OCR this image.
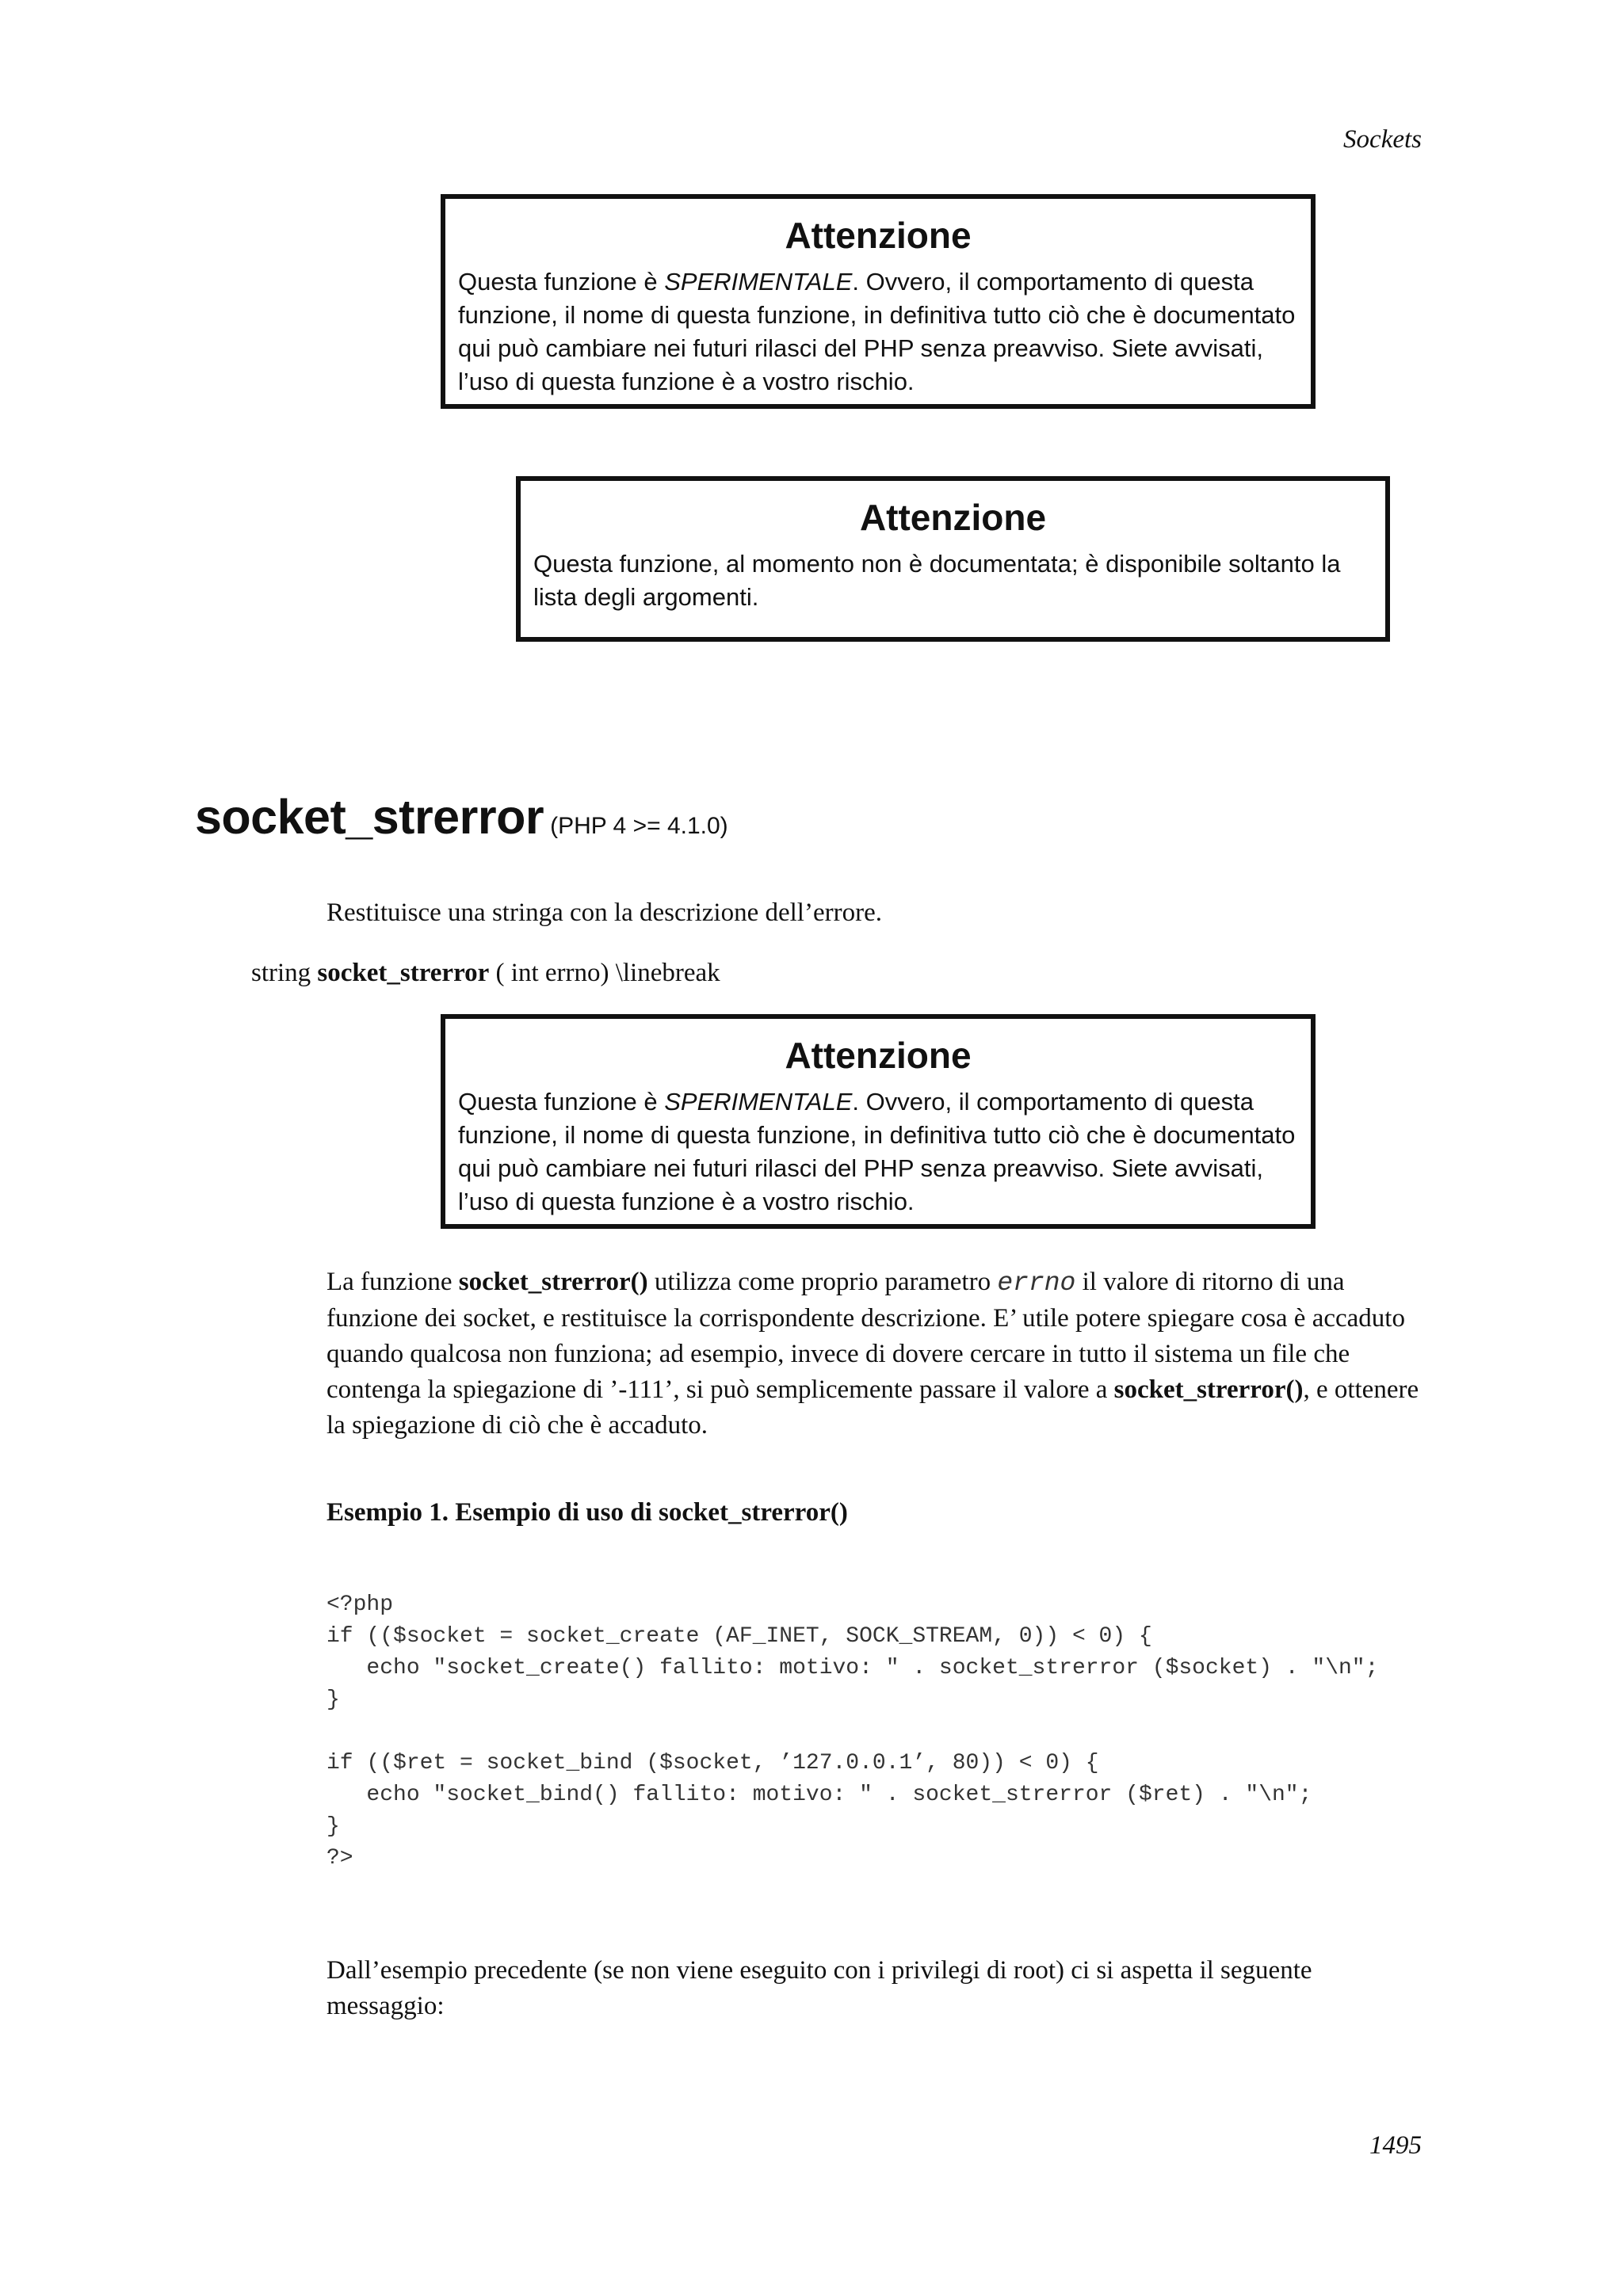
Sockets
Attenzione
Questa funzione è SPERIMENTALE. Ovvero, il comportamento di questa funzione, il nome di questa funzione, in definitiva tutto ciò che è documentato qui può cambiare nei futuri rilasci del PHP senza preavviso. Siete avvisati, l’uso di questa funzione è a vostro rischio.
Attenzione
Questa funzione, al momento non è documentata; è disponibile soltanto la lista degli argomenti.
socket_strerror (PHP 4 >= 4.1.0)
Restituisce una stringa con la descrizione dell’errore.
string socket_strerror ( int errno) \linebreak
Attenzione
Questa funzione è SPERIMENTALE. Ovvero, il comportamento di questa funzione, il nome di questa funzione, in definitiva tutto ciò che è documentato qui può cambiare nei futuri rilasci del PHP senza preavviso. Siete avvisati, l’uso di questa funzione è a vostro rischio.
La funzione socket_strerror() utilizza come proprio parametro errno il valore di ritorno di una funzione dei socket, e restituisce la corrispondente descrizione. E’ utile potere spiegare cosa è accaduto quando qualcosa non funziona; ad esempio, invece di dovere cercare in tutto il sistema un file che contenga la spiegazione di ’-111’, si può semplicemente passare il valore a socket_strerror(), e ottenere la spiegazione di ciò che è accaduto.
Esempio 1. Esempio di uso di socket_strerror()
<?php
if (($socket = socket_create (AF_INET, SOCK_STREAM, 0)) < 0) {
echo "socket_create() fallito: motivo: " . socket_strerror ($socket) . "\n";
}

if (($ret = socket_bind ($socket, ’127.0.0.1’, 80)) < 0) {
echo "socket_bind() fallito: motivo: " . socket_strerror ($ret) . "\n";
}
?>
Dall’esempio precedente (se non viene eseguito con i privilegi di root) ci si aspetta il seguente messaggio:
1495
